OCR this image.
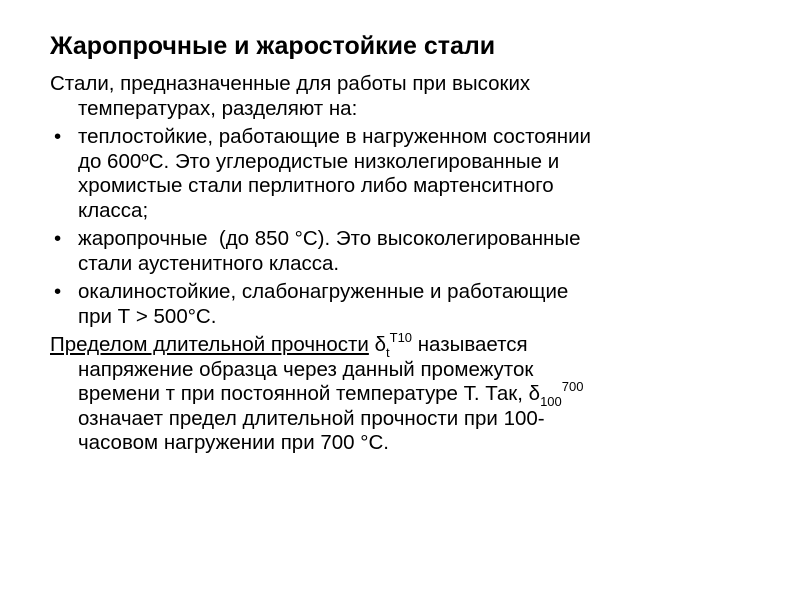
Жаропрочные и жаростойкие стали
Стали, предназначенные для работы при высоких
температурах, разделяют на:
• теплостойкие, работающие в нагруженном состоянии
до 600ºС. Это углеродистые низколегированные и
хромистые стали перлитного либо мартенситного
класса;
• жаропрочные  (до 850 °С). Это высоколегированные
стали аустенитного класса.
• окалиностойкие, слабонагруженные и работающие
при Т > 500°С.
Пределом длительной прочности $\delta_t^{T10}$ называется
напряжение образца через данный промежуток
времени т при постоянной температуре Т. Так, $\delta_{100}^{700}$
означает предел длительной прочности при 100-
часовом нагружении при 700 °С.
